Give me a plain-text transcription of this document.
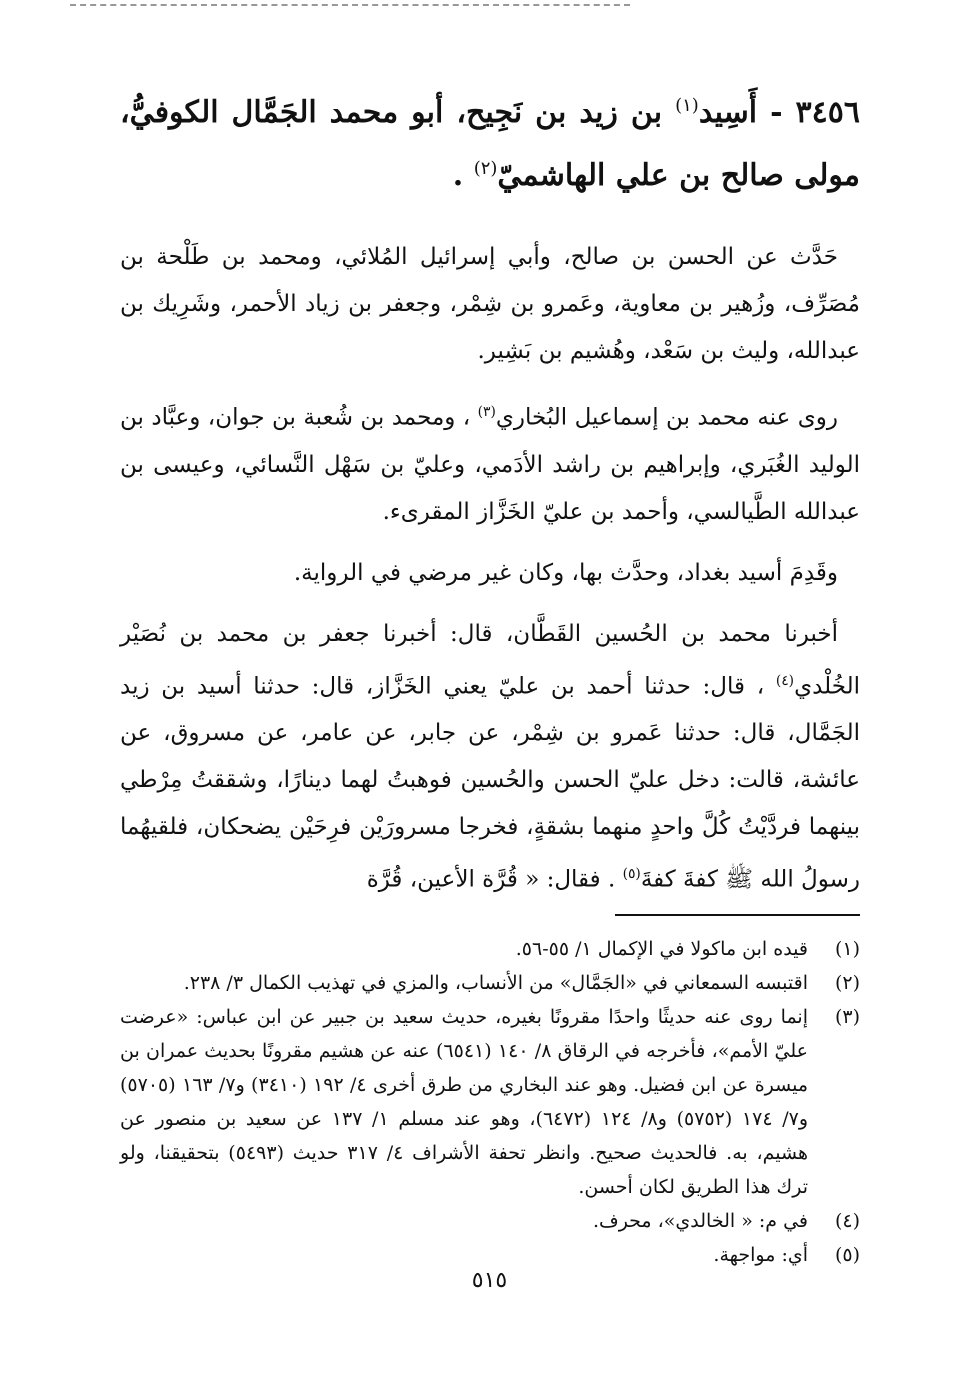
٣٤٥٦ - أَسِيد$^{(١)}$ بن زيد بن نَجِيح، أبو محمد الجَمَّال الكوفيُّ، مولى صالح بن علي الهاشميّ$^{(٢)}$ .

حَدَّث عن الحسن بن صالح، وأبي إسرائيل المُلائي، ومحمد بن طَلْحة بن مُصَرِّف، وزُهير بن معاوية، وعَمرو بن شِمْر، وجعفر بن زياد الأحمر، وشَرِيك بن عبدالله، وليث بن سَعْد، وهُشيم بن بَشِير.

روى عنه محمد بن إسماعيل البُخاري$^{(٣)}$ ، ومحمد بن شُعبة بن جوان، وعبَّاد بن الوليد الغُبَري، وإبراهيم بن راشد الأدَمي، وعليّ بن سَهْل النَّسائي، وعيسى بن عبدالله الطَّيالسي، وأحمد بن عليّ الخَزَّاز المقرىء.

وقَدِمَ أسيد بغداد، وحدَّث بها، وكان غير مرضي في الرواية.

أخبرنا محمد بن الحُسين القَطَّان، قال: أخبرنا جعفر بن محمد بن نُصَيْر الخُلْدي$^{(٤)}$ ، قال: حدثنا أحمد بن عليّ يعني الخَزَّاز، قال: حدثنا أسيد بن زيد الجَمَّال، قال: حدثنا عَمرو بن شِمْر، عن جابر، عن عامر، عن مسروق، عن عائشة، قالت: دخل عليّ الحسن والحُسين فوهبتُ لهما دينارًا، وشققتُ مِرْطي بينهما فردَّيْتُ كُلَّ واحدٍ منهما بشقةٍ، فخرجا مسرورَيْن فرِحَيْن يضحكان، فلقيهُما رسولُ الله ﷺ كفةَ كفةَ$^{(٥)}$ . فقال: « قُرَّة الأعين، قُرَّة

(١)
قيده ابن ماكولا في الإكمال ١/ ٥٥-٥٦.
(٢)
اقتبسه السمعاني في «الجَمَّال» من الأنساب، والمزي في تهذيب الكمال ٣/ ٢٣٨.
(٣)
إنما روى عنه حديثًا واحدًا مقرونًا بغيره، حديث سعيد بن جبير عن ابن عباس: «عرضت عليّ الأمم»، فأخرجه في الرقاق ٨/ ١٤٠ (٦٥٤١) عنه عن هشيم مقرونًا بحديث عمران بن ميسرة عن ابن فضيل. وهو عند البخاري من طرق أخرى ٤/ ١٩٢ (٣٤١٠) و٧/ ١٦٣ (٥٧٠٥) و٧/ ١٧٤ (٥٧٥٢) و٨/ ١٢٤ (٦٤٧٢)، وهو عند مسلم ١/ ١٣٧ عن سعيد بن منصور عن هشيم، به. فالحديث صحيح. وانظر تحفة الأشراف ٤/ ٣١٧ حديث (٥٤٩٣) بتحقيقنا، ولو ترك هذا الطريق لكان أحسن.
(٤)
في م: « الخالدي»، محرف.
(٥)
أي: مواجهة.
٥١٥
